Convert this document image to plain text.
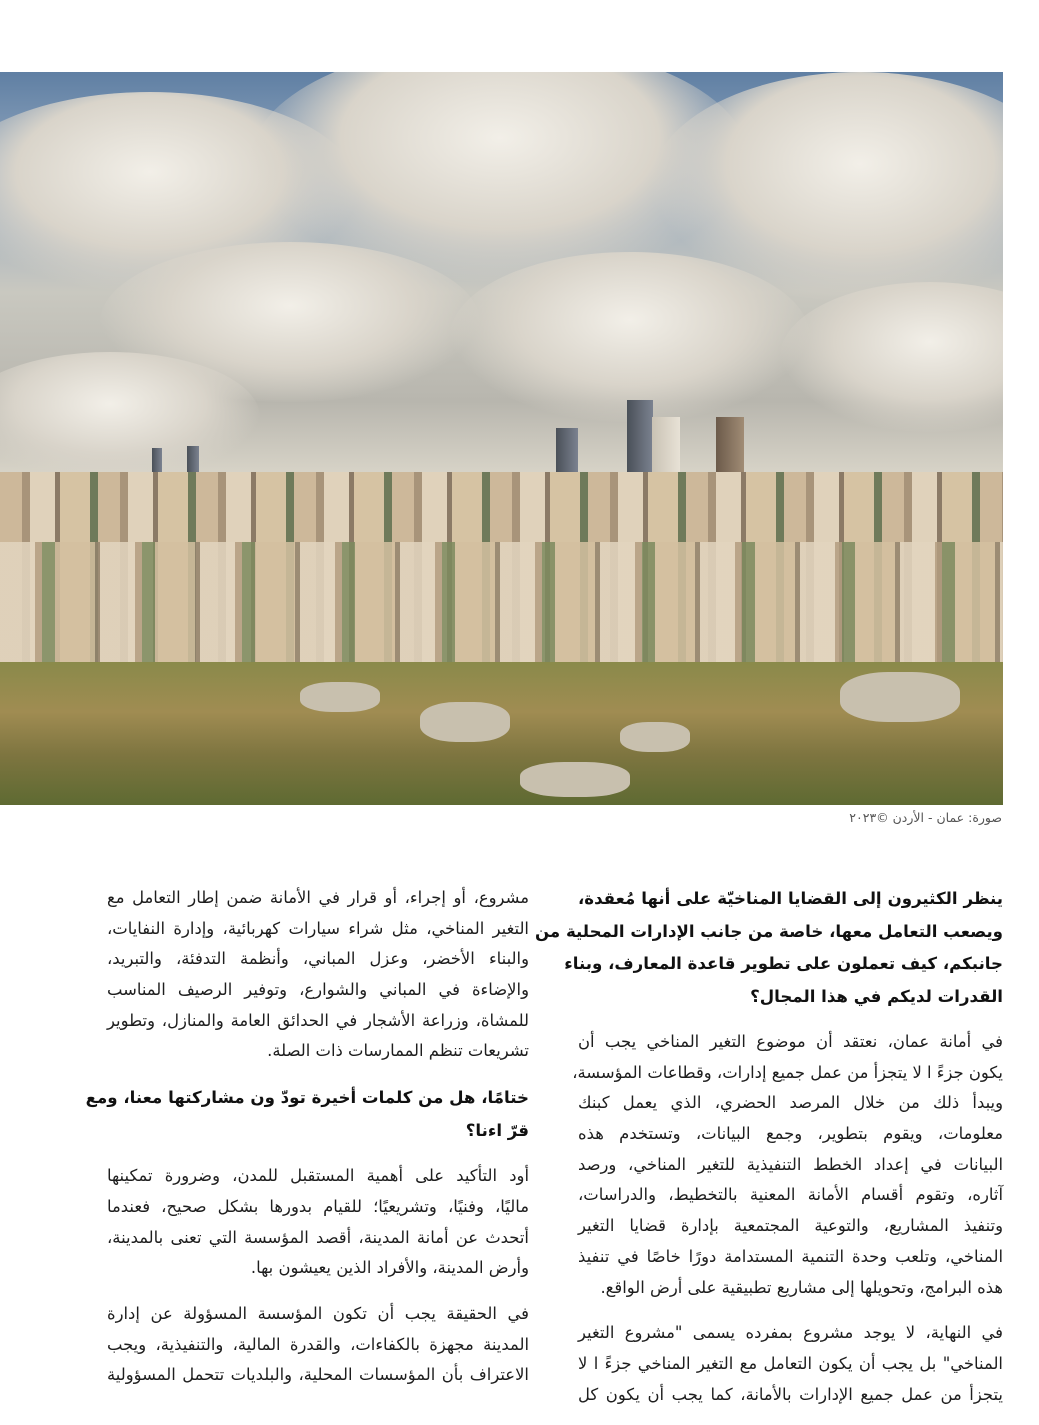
صورة: عمان - الأردن ©٢٠٢٣
ينظر الكثيرون إلى القضايا المناخيّة على أنها مُعقدة،
ويصعب التعامل معها، خاصة من جانب الإدارات المحلية من
جانبكم، كيف تعملون على تطوير قاعدة المعارف، وبناء
القدرات لديكم في هذا المجال؟
في أمانة عمان، نعتقد أن موضوع التغير المناخي يجب أن
يكون جزءً ا لا يتجزأ من عمل جميع إدارات، وقطاعات المؤسسة،
ويبدأ ذلك من خلال المرصد الحضري، الذي يعمل كبنك
معلومات، ويقوم بتطوير، وجمع البيانات، وتستخدم هذه
البيانات في إعداد الخطط التنفيذية للتغير المناخي، ورصد
آثاره، وتقوم أقسام الأمانة المعنية بالتخطيط، والدراسات،
وتنفيذ المشاريع، والتوعية المجتمعية بإدارة قضايا التغير
المناخي، وتلعب وحدة التنمية المستدامة دورًا خاصًا في تنفيذ
هذه البرامج، وتحويلها إلى مشاريع تطبيقية على أرض الواقع.
في النهاية، لا يوجد مشروع بمفرده يسمى "مشروع التغير
المناخي" بل يجب أن يكون التعامل مع التغير المناخي جزءً ا لا
يتجزأ من عمل جميع الإدارات بالأمانة، كما يجب أن يكون كل
مشروع، أو إجراء، أو قرار في الأمانة ضمن إطار التعامل مع
التغير المناخي، مثل شراء سيارات كهربائية، وإدارة النفايات،
والبناء الأخضر، وعزل المباني، وأنظمة التدفئة، والتبريد،
والإضاءة في المباني والشوارع، وتوفير الرصيف المناسب
للمشاة، وزراعة الأشجار في الحدائق العامة والمنازل، وتطوير
تشريعات تنظم الممارسات ذات الصلة.
ختامًا، هل من كلمات أخيرة تودّ ون مشاركتها معنا، ومع
قرّ اءنا؟
أود التأكيد على أهمية المستقبل للمدن، وضرورة تمكينها
ماليًا، وفنيًا، وتشريعيًا؛ للقيام بدورها بشكل صحيح، فعندما
أتحدث عن أمانة المدينة، أقصد المؤسسة التي تعنى بالمدينة،
وأرض المدينة، والأفراد الذين يعيشون بها.
في الحقيقة يجب أن تكون المؤسسة المسؤولة عن إدارة
المدينة مجهزة بالكفاءات، والقدرة المالية، والتنفيذية، ويجب
الاعتراف بأن المؤسسات المحلية، والبلديات تتحمل المسؤولية
